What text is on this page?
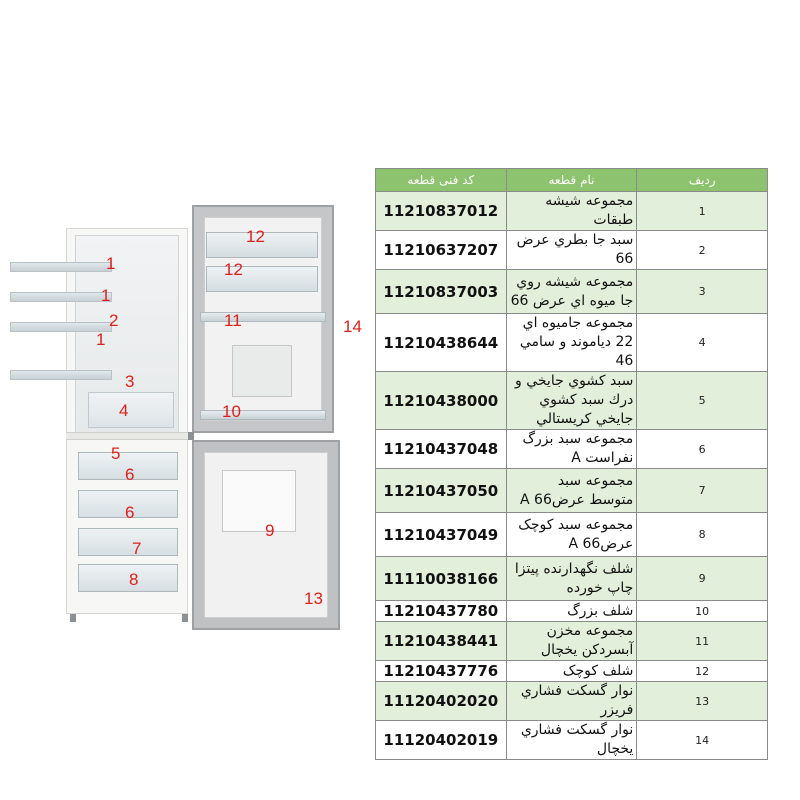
1
1
2
1
3
4
5
6
6
7
8
12
12
11
10
9
13
14
کد فنی قطعه	نام قطعه	رديف
11210837012	مجموعه شيشه طبقات	1
11210637207	سبد جا بطري عرض 66	2
11210837003	مجموعه شيشه روي جا ميوه اي عرض 66	3
11210438644	مجموعه جاميوه اي 22 دياموند و سامي 46	4
11210438000	سبد كشوي جايخي و درك سبد كشوي جايخي كريستالي	5
11210437048	مجموعه سبد بزرگ نفراست A	6
11210437050	مجموعه سبد متوسط عرض66 A	7
11210437049	مجموعه سبد كوچک عرض66 A	8
11110038166	شلف نگهدارنده پيتزا چاپ خورده	9
11210437780	شلف بزرگ	10
11210438441	مجموعه مخزن آبسردكن يخچال	11
11210437776	شلف كوچک	12
11120402020	نوار گسكت فشاري فريزر	13
11120402019	نوار گسكت فشاري يخچال	14
